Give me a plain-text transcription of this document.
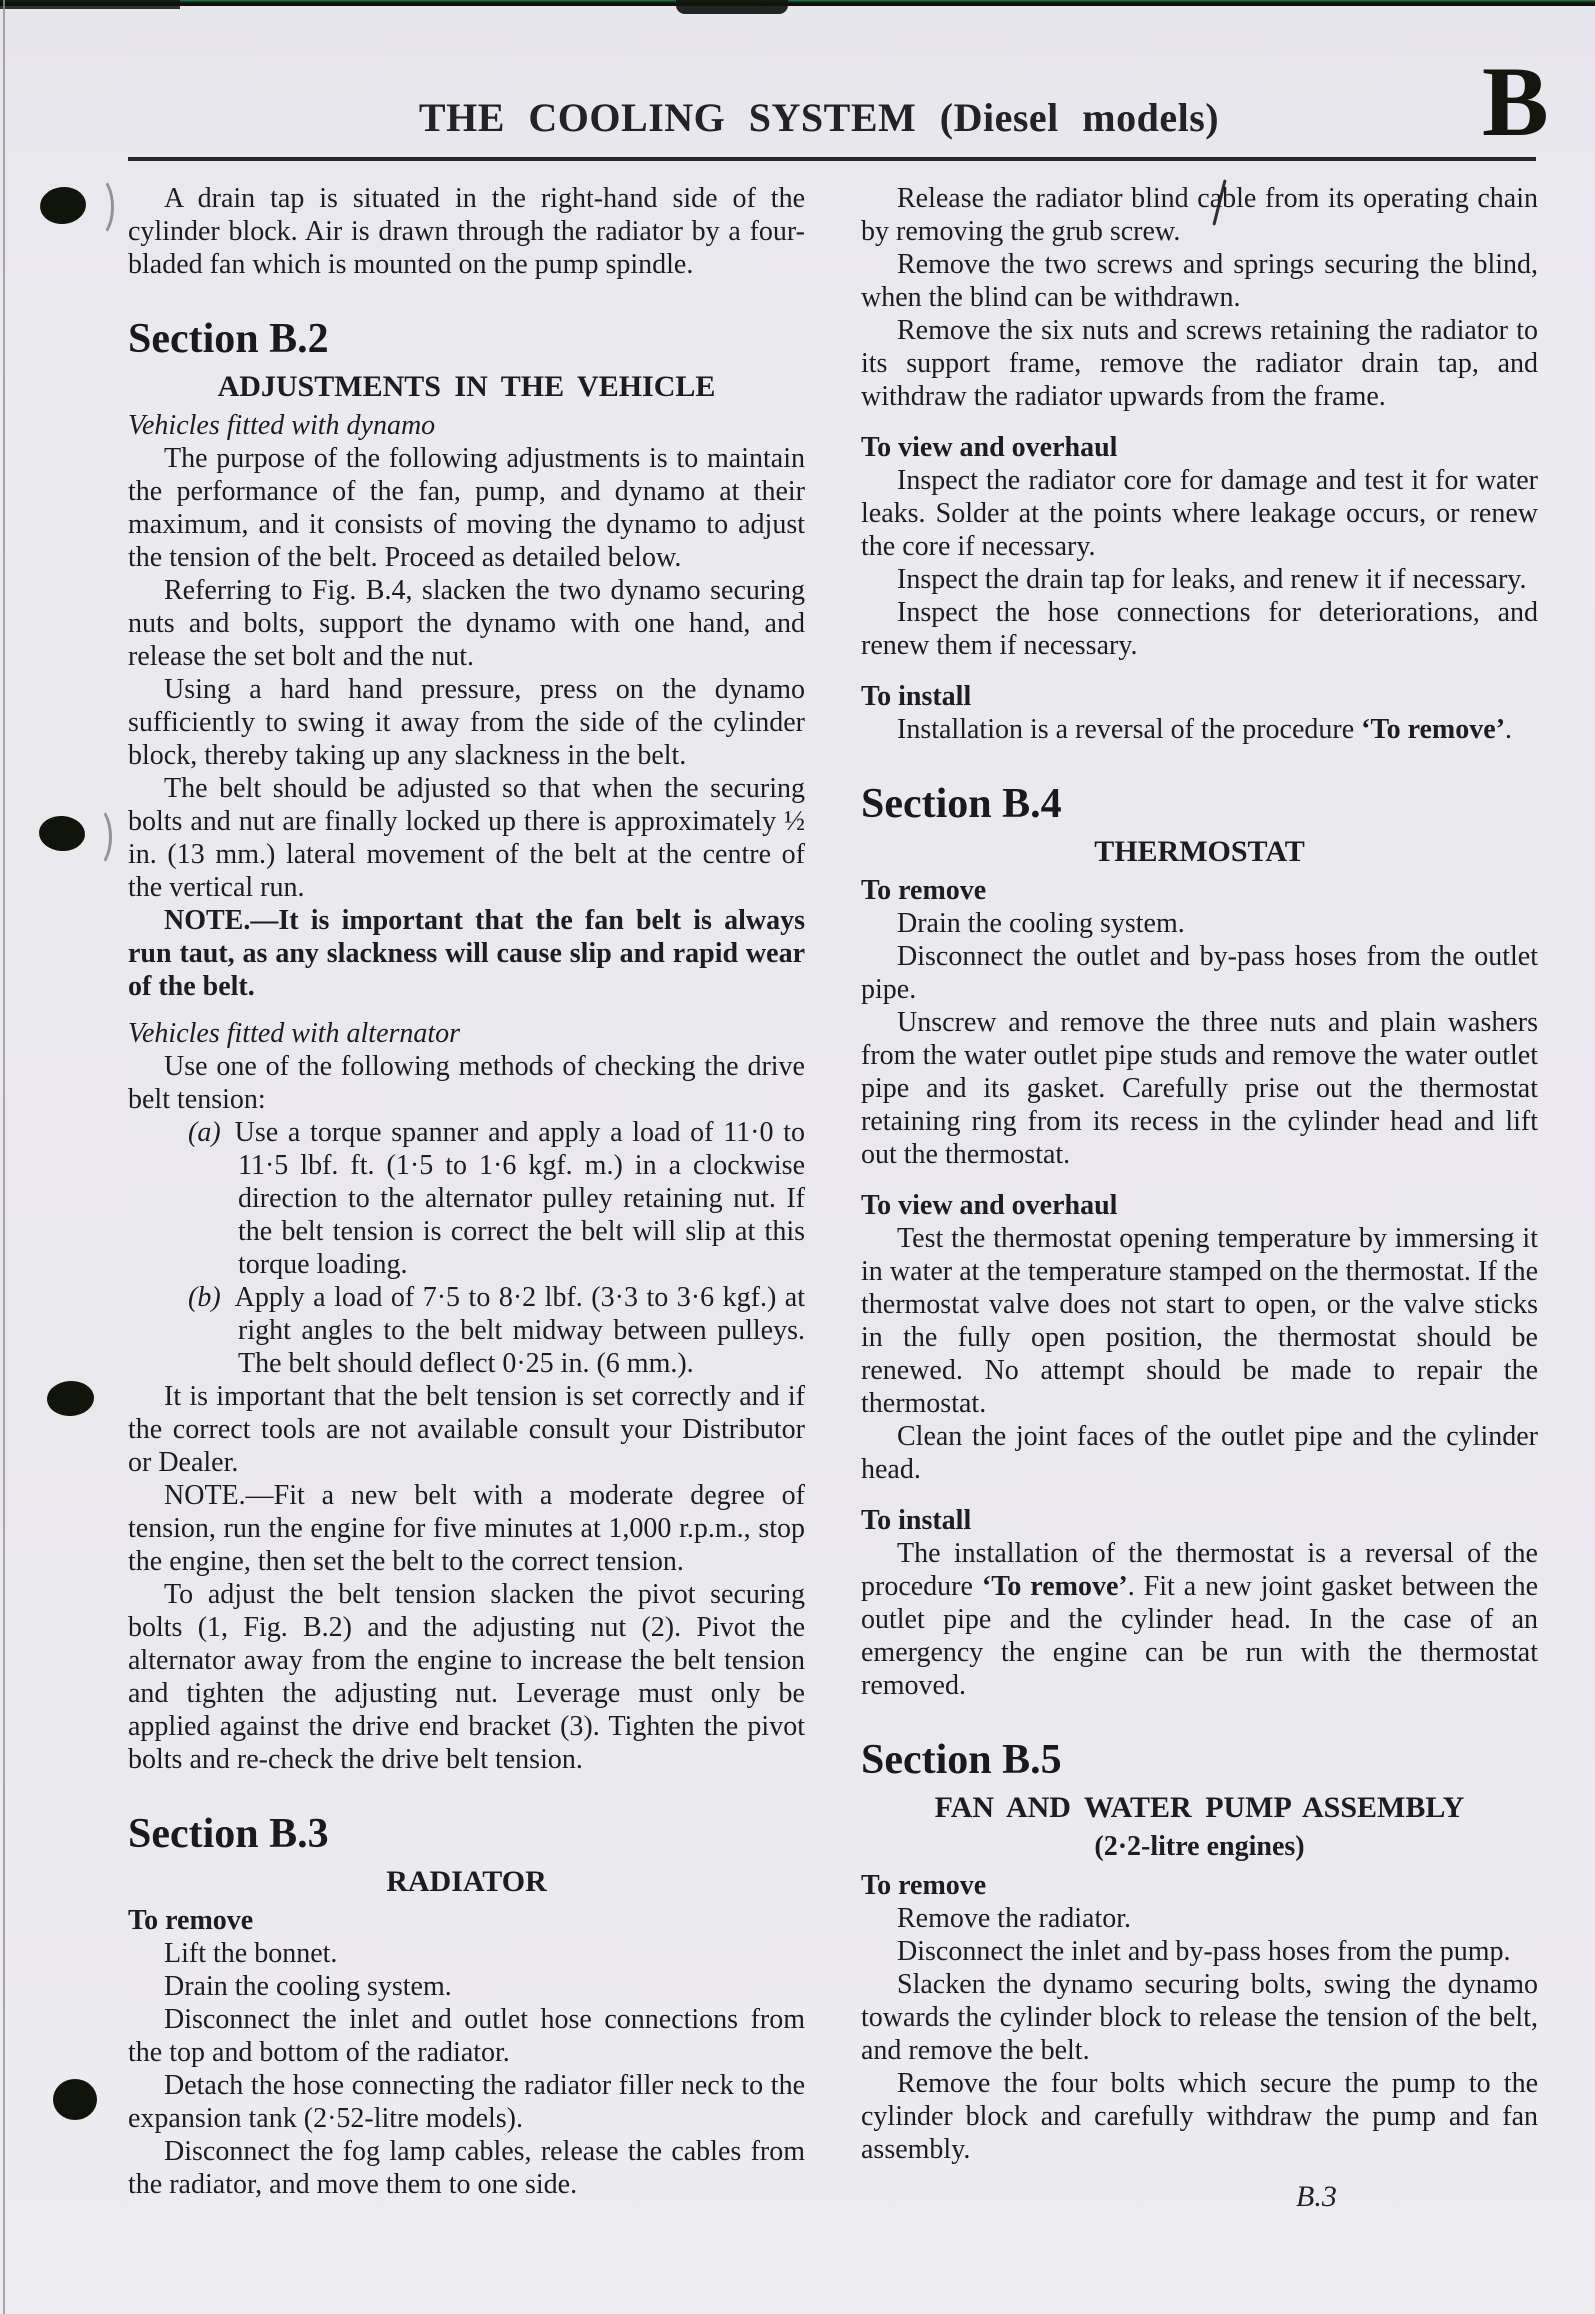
THE COOLING SYSTEM (Diesel models)	B

A drain tap is situated in the right-hand side of the cylinder block. Air is drawn through the radiator by a four-bladed fan which is mounted on the pump spindle.

Section B.2
ADJUSTMENTS IN THE VEHICLE
Vehicles fitted with dynamo

The purpose of the following adjustments is to maintain the performance of the fan, pump, and dynamo at their maximum, and it consists of moving the dynamo to adjust the tension of the belt. Proceed as detailed below.

Referring to Fig. B.4, slacken the two dynamo securing nuts and bolts, support the dynamo with one hand, and release the set bolt and the nut.

Using a hard hand pressure, press on the dynamo sufficiently to swing it away from the side of the cylinder block, thereby taking up any slackness in the belt.

The belt should be adjusted so that when the securing bolts and nut are finally locked up there is approximately ½ in. (13 mm.) lateral movement of the belt at the centre of the vertical run.

NOTE.—It is important that the fan belt is always run taut, as any slackness will cause slip and rapid wear of the belt.

Vehicles fitted with alternator

Use one of the following methods of checking the drive belt tension:

(a) Use a torque spanner and apply a load of 11·0 to 11·5 lbf. ft. (1·5 to 1·6 kgf. m.) in a clockwise direction to the alternator pulley retaining nut. If the belt tension is correct the belt will slip at this torque loading.

(b) Apply a load of 7·5 to 8·2 lbf. (3·3 to 3·6 kgf.) at right angles to the belt midway between pulleys. The belt should deflect 0·25 in. (6 mm.).

It is important that the belt tension is set correctly and if the correct tools are not available consult your Distributor or Dealer.

NOTE.—Fit a new belt with a moderate degree of tension, run the engine for five minutes at 1,000 r.p.m., stop the engine, then set the belt to the correct tension.

To adjust the belt tension slacken the pivot securing bolts (1, Fig. B.2) and the adjusting nut (2). Pivot the alternator away from the engine to increase the belt tension and tighten the adjusting nut. Leverage must only be applied against the drive end bracket (3). Tighten the pivot bolts and re-check the drive belt tension.

Section B.3
RADIATOR
To remove

Lift the bonnet.

Drain the cooling system.

Disconnect the inlet and outlet hose connections from the top and bottom of the radiator.

Detach the hose connecting the radiator filler neck to the expansion tank (2·52-litre models).

Disconnect the fog lamp cables, release the cables from the radiator, and move them to one side.

Release the radiator blind cable from its operating chain by removing the grub screw.

Remove the two screws and springs securing the blind, when the blind can be withdrawn.

Remove the six nuts and screws retaining the radiator to its support frame, remove the radiator drain tap, and withdraw the radiator upwards from the frame.

To view and overhaul

Inspect the radiator core for damage and test it for water leaks. Solder at the points where leakage occurs, or renew the core if necessary.

Inspect the drain tap for leaks, and renew it if necessary.

Inspect the hose connections for deteriorations, and renew them if necessary.

To install

Installation is a reversal of the procedure ‘To remove’.

Section B.4
THERMOSTAT
To remove

Drain the cooling system.

Disconnect the outlet and by-pass hoses from the outlet pipe.

Unscrew and remove the three nuts and plain washers from the water outlet pipe studs and remove the water outlet pipe and its gasket. Carefully prise out the thermostat retaining ring from its recess in the cylinder head and lift out the thermostat.

To view and overhaul

Test the thermostat opening temperature by immersing it in water at the temperature stamped on the thermostat. If the thermostat valve does not start to open, or the valve sticks in the fully open position, the thermostat should be renewed. No attempt should be made to repair the thermostat.

Clean the joint faces of the outlet pipe and the cylinder head.

To install

The installation of the thermostat is a reversal of the procedure ‘To remove’. Fit a new joint gasket between the outlet pipe and the cylinder head. In the case of an emergency the engine can be run with the thermostat removed.

Section B.5
FAN AND WATER PUMP ASSEMBLY
(2·2-litre engines)
To remove

Remove the radiator.

Disconnect the inlet and by-pass hoses from the pump.

Slacken the dynamo securing bolts, swing the dynamo towards the cylinder block to release the tension of the belt, and remove the belt.

Remove the four bolts which secure the pump to the cylinder block and carefully withdraw the pump and fan assembly.

B.3
